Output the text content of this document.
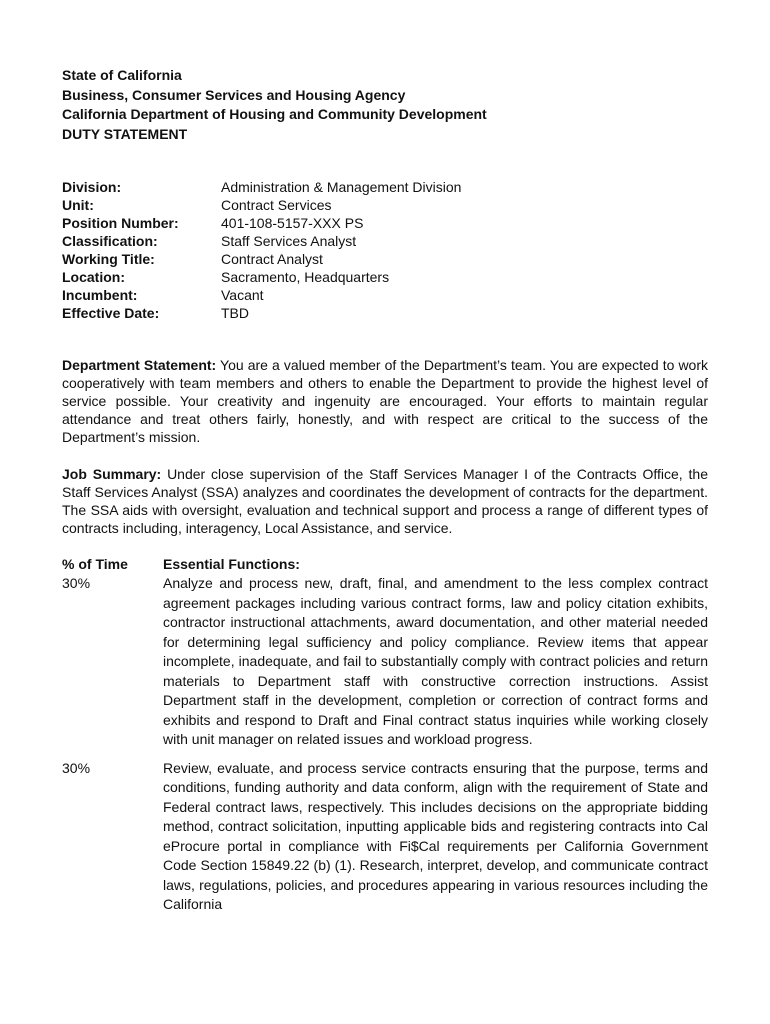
State of California
Business, Consumer Services and Housing Agency
California Department of Housing and Community Development
DUTY STATEMENT
Division:	Administration & Management Division
Unit:	Contract Services
Position Number:	401-108-5157-XXX PS
Classification:	Staff Services Analyst
Working Title:	Contract Analyst
Location:	Sacramento, Headquarters
Incumbent:	Vacant
Effective Date:	TBD

Department Statement: You are a valued member of the Department’s team. You are expected to work cooperatively with team members and others to enable the Department to provide the highest level of service possible. Your creativity and ingenuity are encouraged. Your efforts to maintain regular attendance and treat others fairly, honestly, and with respect are critical to the success of the Department’s mission.

Job Summary: Under close supervision of the Staff Services Manager I of the Contracts Office, the Staff Services Analyst (SSA) analyzes and coordinates the development of contracts for the department. The SSA aids with oversight, evaluation and technical support and process a range of different types of contracts including, interagency, Local Assistance, and service.

% of Time	Essential Functions:
30%	Analyze and process new, draft, final, and amendment to the less complex contract agreement packages including various contract forms, law and policy citation exhibits, contractor instructional attachments, award documentation, and other material needed for determining legal sufficiency and policy compliance. Review items that appear incomplete, inadequate, and fail to substantially comply with contract policies and return materials to Department staff with constructive correction instructions. Assist Department staff in the development, completion or correction of contract forms and exhibits and respond to Draft and Final contract status inquiries while working closely with unit manager on related issues and workload progress.
30%	Review, evaluate, and process service contracts ensuring that the purpose, terms and conditions, funding authority and data conform, align with the requirement of State and Federal contract laws, respectively. This includes decisions on the appropriate bidding method, contract solicitation, inputting applicable bids and registering contracts into Cal eProcure portal in compliance with Fi$Cal requirements per California Government Code Section 15849.22 (b) (1). Research, interpret, develop, and communicate contract laws, regulations, policies, and procedures appearing in various resources including the California
